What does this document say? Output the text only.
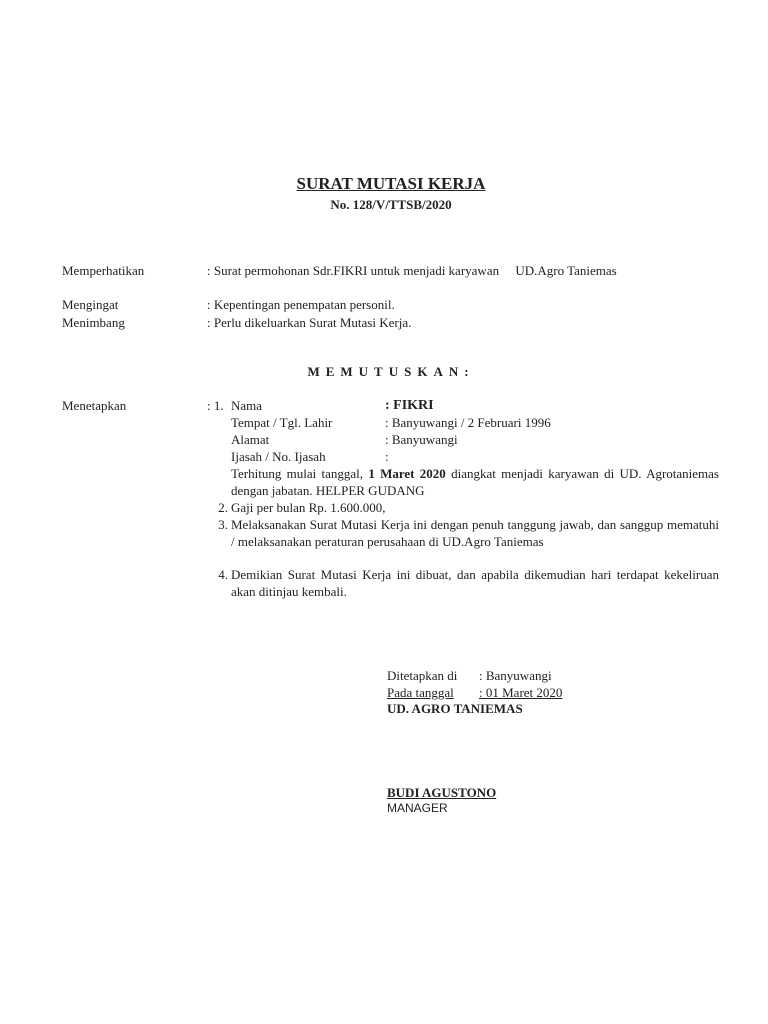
SURAT MUTASI KERJA
No. 128/V/TTSB/2020
Memperhatikan	: Surat permohonan Sdr.FIKRI untuk menjadi karyawan     UD.Agro Taniemas
Mengingat	: Kepentingan penempatan personil.
Menimbang	: Perlu dikeluarkan Surat Mutasi Kerja.
MEMUTUSKAN:
Menetapkan	: 1. Nama	: FIKRI
Tempat / Tgl. Lahir	: Banyuwangi / 2 Februari 1996
Alamat	: Banyuwangi
Ijasah / No. Ijasah	:
Terhitung mulai tanggal, 1 Maret 2020 diangkat menjadi karyawan di UD. Agrotaniemas dengan jabatan. HELPER GUDANG
2. Gaji per bulan Rp. 1.600.000,
3. Melaksanakan Surat Mutasi Kerja ini dengan penuh tanggung jawab, dan sanggup mematuhi / melaksanakan peraturan perusahaan di UD.Agro Taniemas
4. Demikian Surat Mutasi Kerja ini dibuat, dan apabila dikemudian hari terdapat kekeliruan akan ditinjau kembali.
Ditetapkan di : Banyuwangi
Pada tanggal	: 01 Maret 2020
UD. AGRO TANIEMAS
BUDI AGUSTONO
MANAGER
